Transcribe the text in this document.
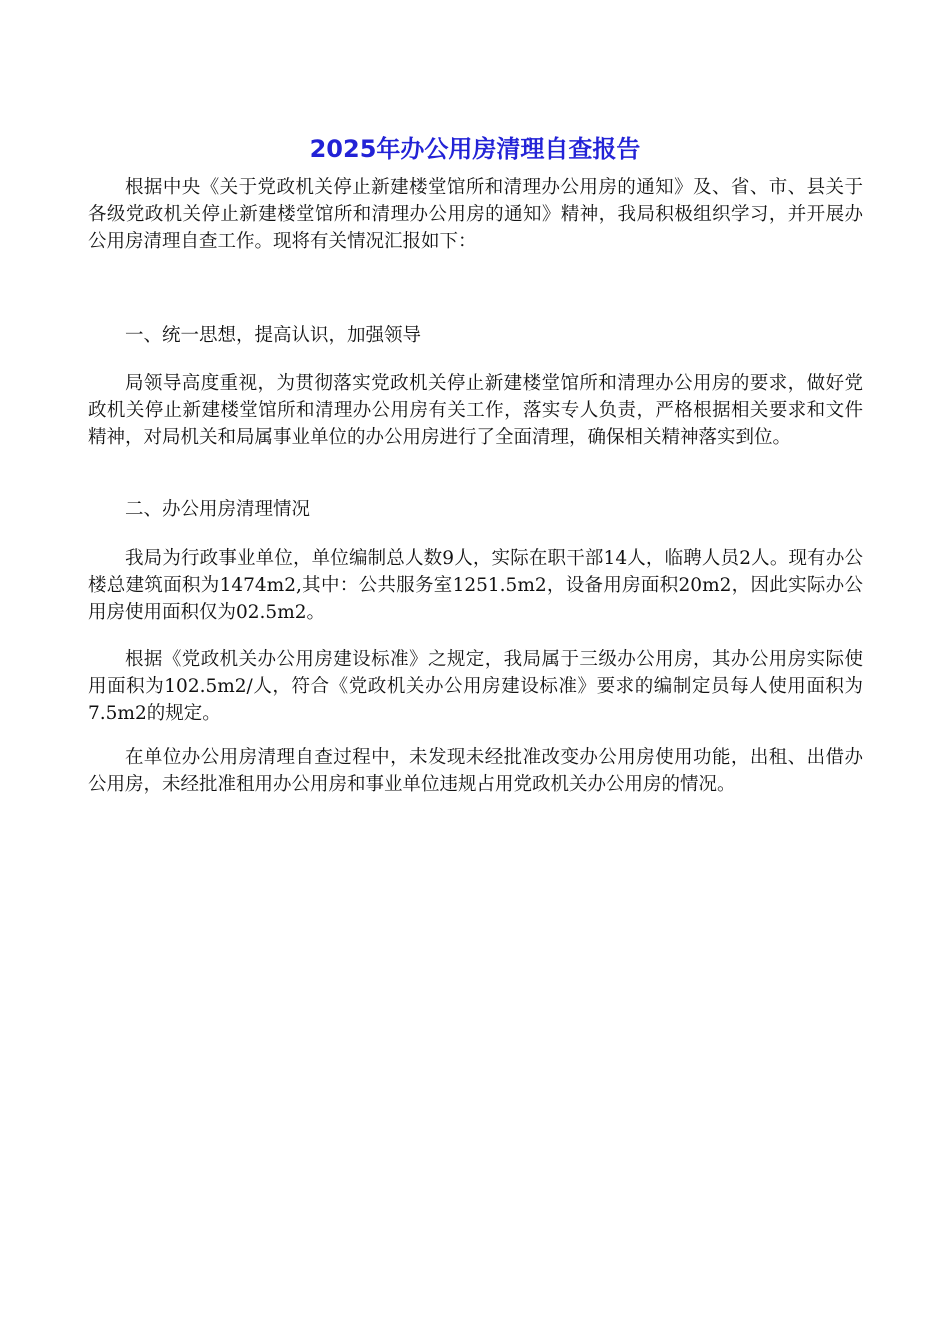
2025年办公用房清理自查报告

根据中央《关于党政机关停止新建楼堂馆所和清理办公用房的通知》及、省、市、县关于各级党政机关停止新建楼堂馆所和清理办公用房的通知》精神，我局积极组织学习，并开展办公用房清理自查工作。现将有关情况汇报如下：

一、统一思想，提高认识，加强领导

局领导高度重视，为贯彻落实党政机关停止新建楼堂馆所和清理办公用房的要求，做好党政机关停止新建楼堂馆所和清理办公用房有关工作，落实专人负责，严格根据相关要求和文件精神，对局机关和局属事业单位的办公用房进行了全面清理，确保相关精神落实到位。

二、办公用房清理情况

我局为行政事业单位，单位编制总人数9人，实际在职干部14人，临聘人员2人。现有办公楼总建筑面积为1474m2,其中：公共服务室1251.5m2，设备用房面积20m2，因此实际办公用房使用面积仅为02.5m2。

根据《党政机关办公用房建设标准》之规定，我局属于三级办公用房，其办公用房实际使用面积为102.5m2/人，符合《党政机关办公用房建设标准》要求的编制定员每人使用面积为7.5m2的规定。

在单位办公用房清理自查过程中，未发现未经批准改变办公用房使用功能，出租、出借办公用房，未经批准租用办公用房和事业单位违规占用党政机关办公用房的情况。
